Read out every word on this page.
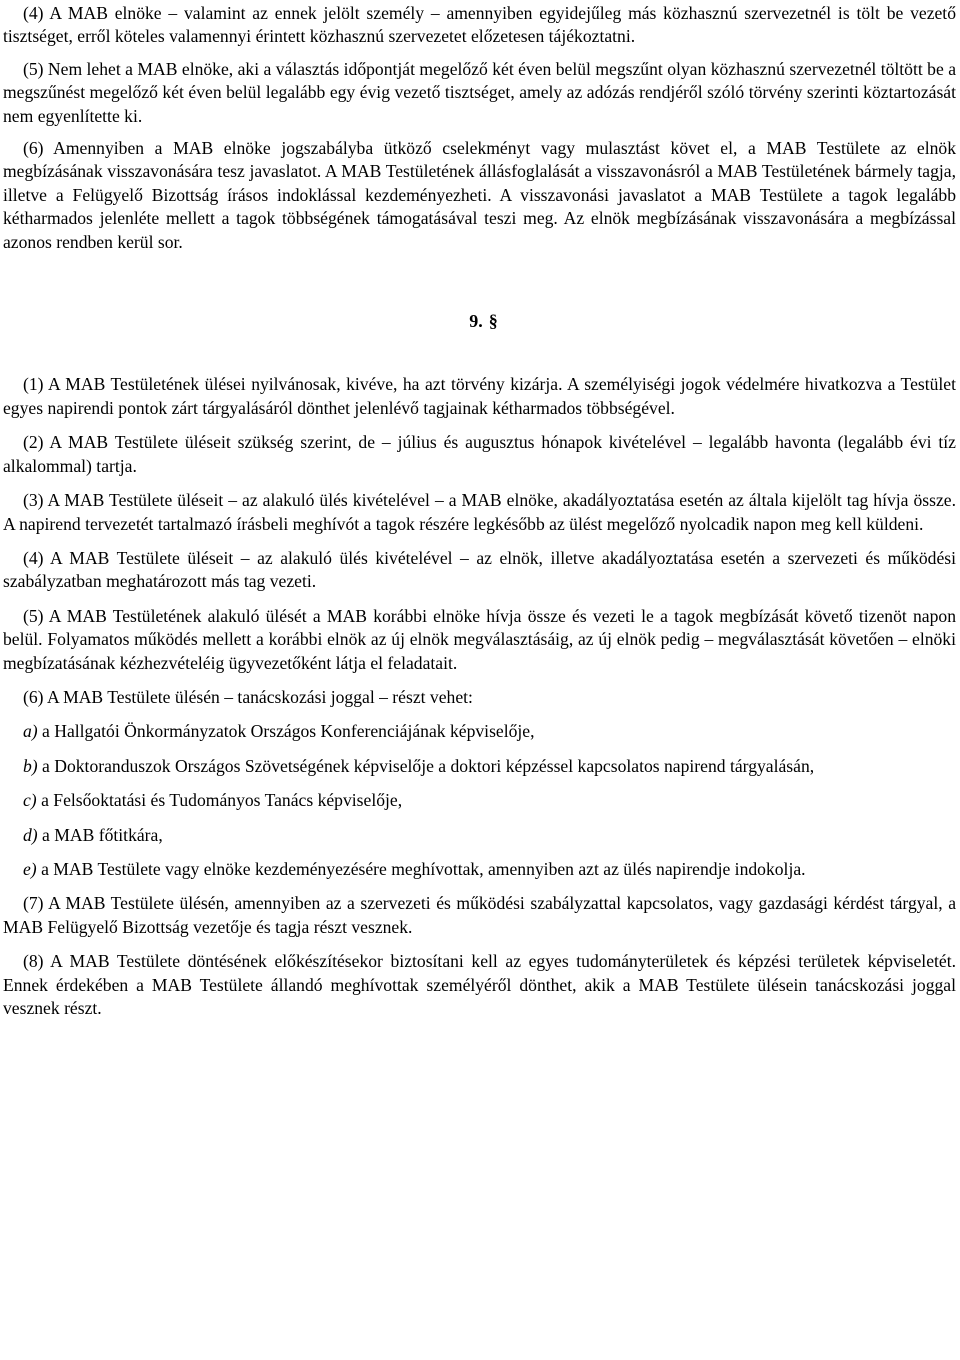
(4) A MAB elnöke – valamint az ennek jelölt személy – amennyiben egyidejűleg más közhasznú szervezetnél is tölt be vezető tisztséget, erről köteles valamennyi érintett közhasznú szervezetet előzetesen tájékoztatni.

(5) Nem lehet a MAB elnöke, aki a választás időpontját megelőző két éven belül megszűnt olyan közhasznú szervezetnél töltött be a megszűnést megelőző két éven belül legalább egy évig vezető tisztséget, amely az adózás rendjéről szóló törvény szerinti köztartozását nem egyenlítette ki.

(6) Amennyiben a MAB elnöke jogszabályba ütköző cselekményt vagy mulasztást követ el, a MAB Testülete az elnök megbízásának visszavonására tesz javaslatot. A MAB Testületének állásfoglalását a visszavonásról a MAB Testületének bármely tagja, illetve a Felügyelő Bizottság írásos indoklással kezdeményezheti. A visszavonási javaslatot a MAB Testülete a tagok legalább kétharmados jelenléte mellett a tagok többségének támogatásával teszi meg. Az elnök megbízásának visszavonására a megbízással azonos rendben kerül sor.

9. §

(1) A MAB Testületének ülései nyilvánosak, kivéve, ha azt törvény kizárja. A személyiségi jogok védelmére hivatkozva a Testület egyes napirendi pontok zárt tárgyalásáról dönthet jelenlévő tagjainak kétharmados többségével.

(2) A MAB Testülete üléseit szükség szerint, de – július és augusztus hónapok kivételével – legalább havonta (legalább évi tíz alkalommal) tartja.

(3) A MAB Testülete üléseit – az alakuló ülés kivételével – a MAB elnöke, akadályoztatása esetén az általa kijelölt tag hívja össze. A napirend tervezetét tartalmazó írásbeli meghívót a tagok részére legkésőbb az ülést megelőző nyolcadik napon meg kell küldeni.

(4) A MAB Testülete üléseit – az alakuló ülés kivételével – az elnök, illetve akadályoztatása esetén a szervezeti és működési szabályzatban meghatározott más tag vezeti.

(5) A MAB Testületének alakuló ülését a MAB korábbi elnöke hívja össze és vezeti le a tagok megbízását követő tizenöt napon belül. Folyamatos működés mellett a korábbi elnök az új elnök megválasztásáig, az új elnök pedig – megválasztását követően – elnöki megbízatásának kézhezvételéig ügyvezetőként látja el feladatait.

(6) A MAB Testülete ülésén – tanácskozási joggal – részt vehet:

a) a Hallgatói Önkormányzatok Országos Konferenciájának képviselője,

b) a Doktoranduszok Országos Szövetségének képviselője a doktori képzéssel kapcsolatos napirend tárgyalásán,

c) a Felsőoktatási és Tudományos Tanács képviselője,

d) a MAB főtitkára,

e) a MAB Testülete vagy elnöke kezdeményezésére meghívottak, amennyiben azt az ülés napirendje indokolja.

(7) A MAB Testülete ülésén, amennyiben az a szervezeti és működési szabályzattal kapcsolatos, vagy gazdasági kérdést tárgyal, a MAB Felügyelő Bizottság vezetője és tagja részt vesznek.

(8) A MAB Testülete döntésének előkészítésekor biztosítani kell az egyes tudományterületek és képzési területek képviseletét. Ennek érdekében a MAB Testülete állandó meghívottak személyéről dönthet, akik a MAB Testülete ülésein tanácskozási joggal vesznek részt.
